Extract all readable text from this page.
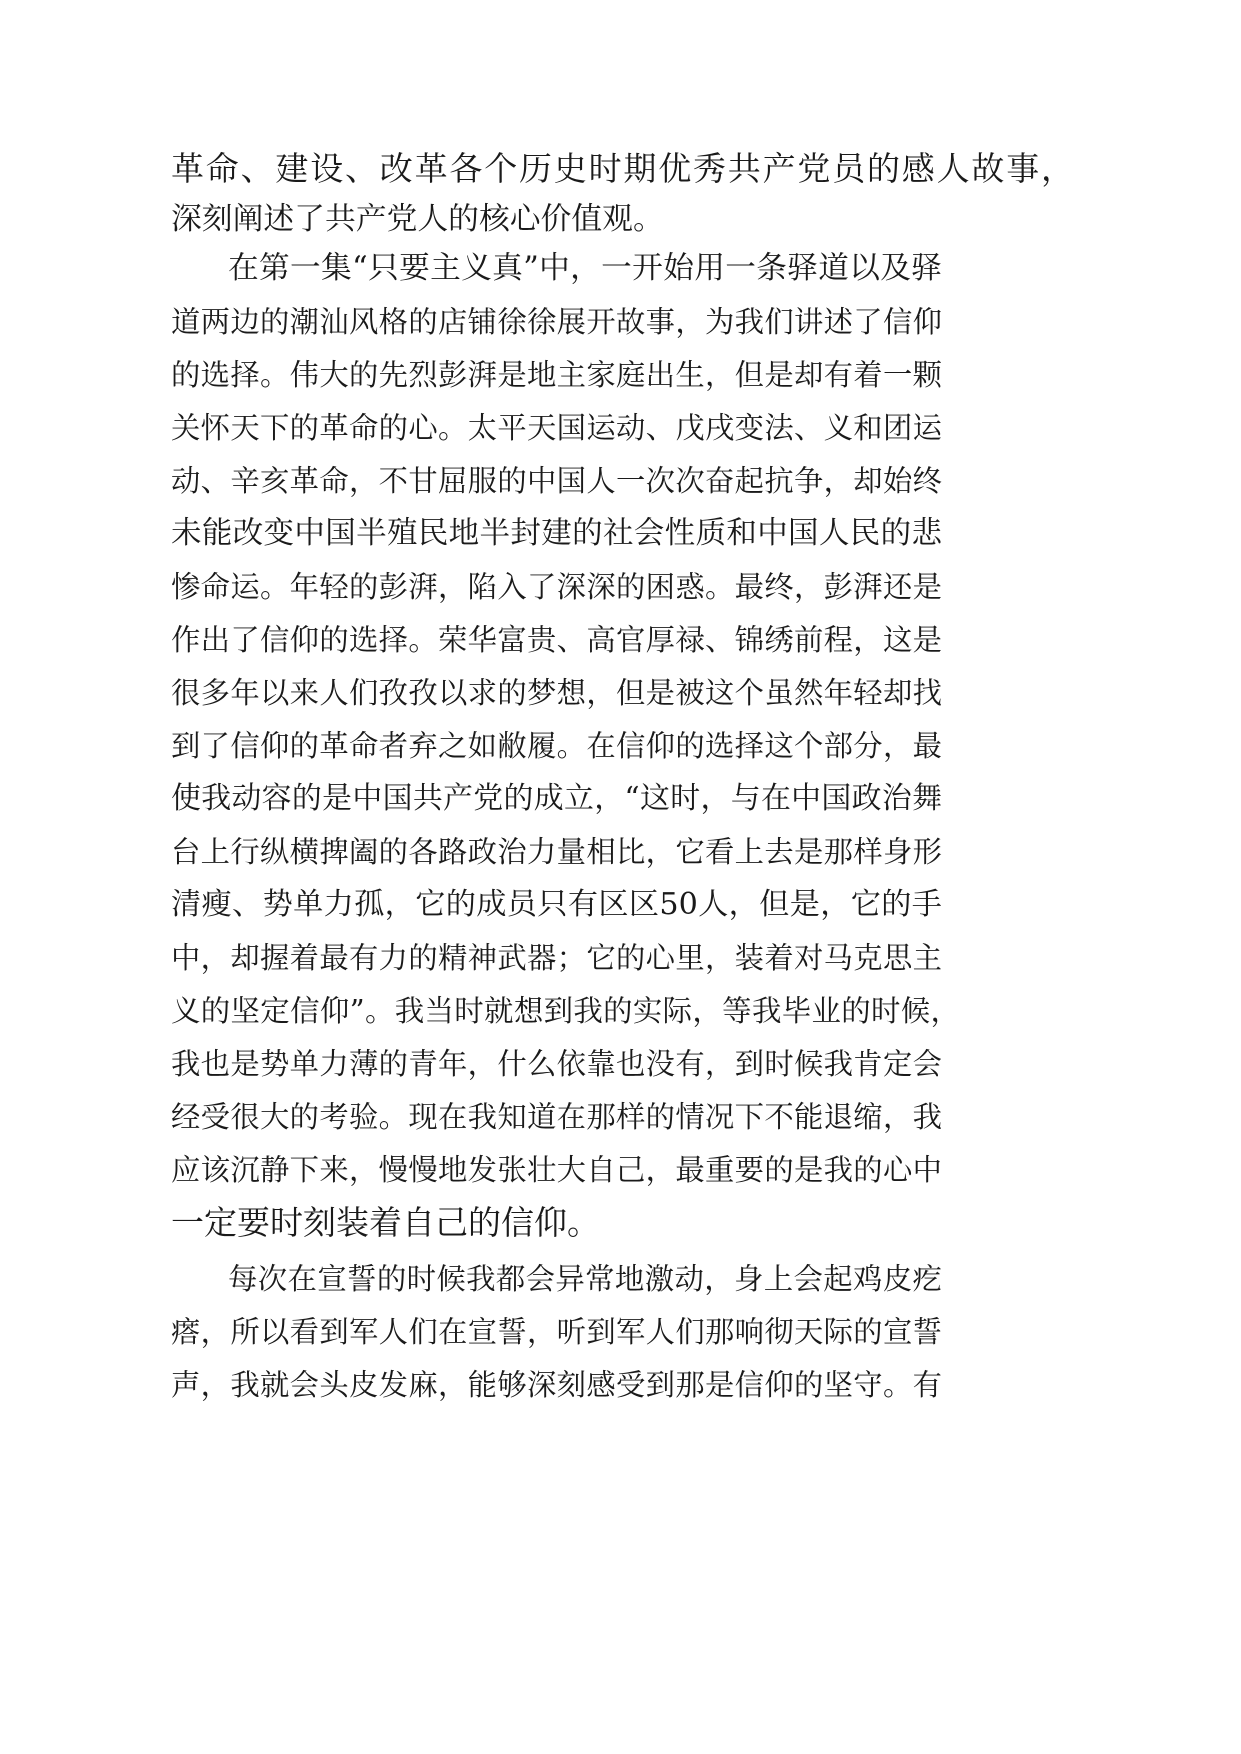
革命、建设、改革各个历史时期优秀共产党员的感人故事，
深刻阐述了共产党人的核心价值观。
在第一集“只要主义真”中，一开始用一条驿道以及驿
道两边的潮汕风格的店铺徐徐展开故事，为我们讲述了信仰
的选择。伟大的先烈彭湃是地主家庭出生，但是却有着一颗
关怀天下的革命的心。太平天国运动、戊戌变法、义和团运
动、辛亥革命，不甘屈服的中国人一次次奋起抗争，却始终
未能改变中国半殖民地半封建的社会性质和中国人民的悲
惨命运。年轻的彭湃，陷入了深深的困惑。最终，彭湃还是
作出了信仰的选择。荣华富贵、高官厚禄、锦绣前程，这是
很多年以来人们孜孜以求的梦想，但是被这个虽然年轻却找
到了信仰的革命者弃之如敝履。在信仰的选择这个部分，最
使我动容的是中国共产党的成立，“这时，与在中国政治舞
台上行纵横捭阖的各路政治力量相比，它看上去是那样身形
清瘦、势单力孤，它的成员只有区区50人，但是，它的手
中，却握着最有力的精神武器；它的心里，装着对马克思主
义的坚定信仰”。我当时就想到我的实际，等我毕业的时候，
我也是势单力薄的青年，什么依靠也没有，到时候我肯定会
经受很大的考验。现在我知道在那样的情况下不能退缩，我
应该沉静下来，慢慢地发张壮大自己，最重要的是我的心中
一定要时刻装着自己的信仰。
每次在宣誓的时候我都会异常地激动，身上会起鸡皮疙
瘩，所以看到军人们在宣誓，听到军人们那响彻天际的宣誓
声，我就会头皮发麻，能够深刻感受到那是信仰的坚守。有
